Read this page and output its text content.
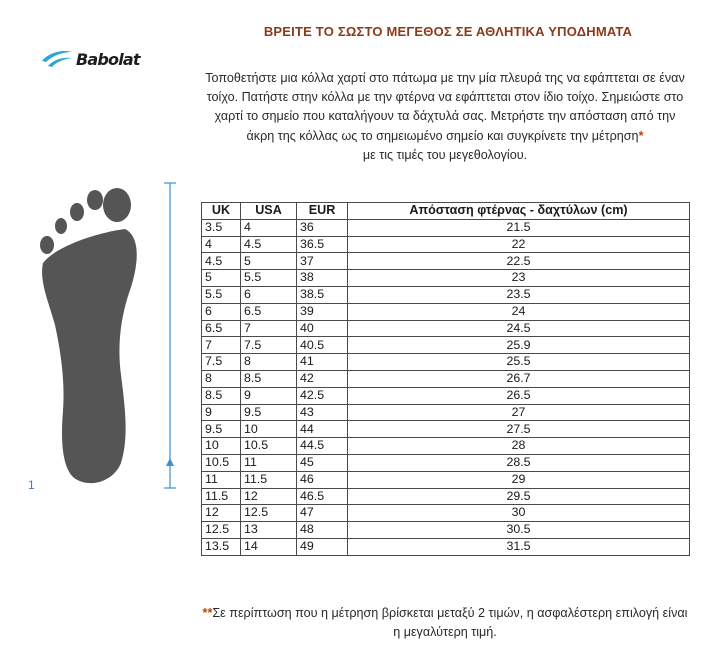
ΒΡΕΙΤΕ ΤΟ ΣΩΣΤΟ ΜΕΓΕΘΟΣ ΣΕ ΑΘΛΗΤΙΚΑ ΥΠΟΔΗΜΑΤΑ
Babolat
Τοποθετήστε μια κόλλα χαρτί στο πάτωμα με την μία πλευρά της να εφάπτεται σε έναν τοίχο. Πατήστε στην κόλλα με την φτέρνα να εφάπτεται στον ίδιο τοίχο. Σημειώστε στο χαρτί το σημείο που καταλήγουν τα δάχτυλά σας. Μετρήστε την απόσταση από την άκρη της κόλλας ως το σημειωμένο σημείο και συγκρίνετε την μέτρηση*
με τις τιμές του μεγεθολογίου.
1
UK	USA	EUR	Απόσταση φτέρνας - δαχτύλων (cm)
3.5	4	36	21.5
4	4.5	36.5	22
4.5	5	37	22.5
5	5.5	38	23
5.5	6	38.5	23.5
6	6.5	39	24
6.5	7	40	24.5
7	7.5	40.5	25.9
7.5	8	41	25.5
8	8.5	42	26.7
8.5	9	42.5	26.5
9	9.5	43	27
9.5	10	44	27.5
10	10.5	44.5	28
10.5	11	45	28.5
11	11.5	46	29
11.5	12	46.5	29.5
12	12.5	47	30
12.5	13	48	30.5
13.5	14	49	31.5
**Σε περίπτωση που η μέτρηση βρίσκεται μεταξύ 2 τιμών, η ασφαλέστερη επιλογή είναι η μεγαλύτερη τιμή.
